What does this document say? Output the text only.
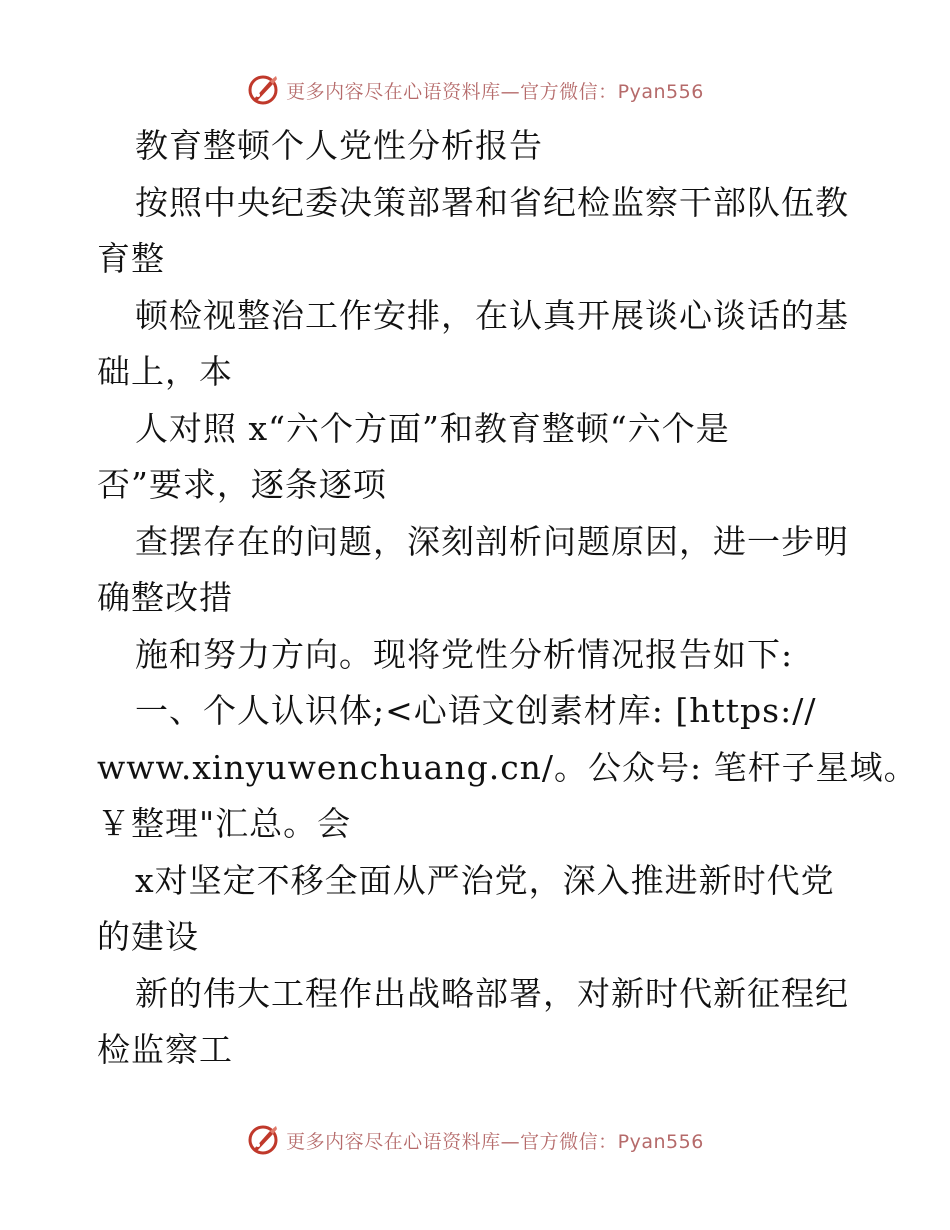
更多内容尽在心语资料库—官方微信：Pyan556
教育整顿个人党性分析报告
按照中央纪委决策部署和省纪检监察干部队伍教
育整
顿检视整治工作安排，在认真开展谈心谈话的基
础上，本
人对照 x“六个方面”和教育整顿“六个是
否”要求，逐条逐项
查摆存在的问题，深刻剖析问题原因，进一步明
确整改措
施和努力方向。现将党性分析情况报告如下:
一、个人认识体;<心语文创素材库: [https://
www.xinyuwenchuang.cn/。公众号: 笔杆子星域。
￥整理"汇总。会
x对坚定不移全面从严治党，深入推进新时代党
的建设
新的伟大工程作出战略部署，对新时代新征程纪
检监察工
更多内容尽在心语资料库—官方微信：Pyan556
